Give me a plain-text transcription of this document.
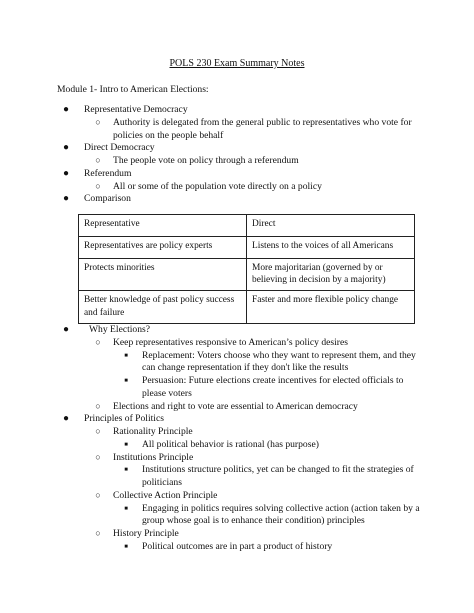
POLS 230 Exam Summary Notes
Module 1- Intro to American Elections:
● Representative Democracy
○ Authority is delegated from the general public to representatives who vote for policies on the people behalf
● Direct Democracy
○ The people vote on policy through a referendum
● Referendum
○ All or some of the population vote directly on a policy
● Comparison
Representative	Direct
Representatives are policy experts	Listens to the voices of all Americans
Protects minorities	More majoritarian (governed by or believing in decision by a majority)
Better knowledge of past policy success and failure	Faster and more flexible policy change
● Why Elections?
○ Keep representatives responsive to American’s policy desires
■	Replacement: Voters choose who they want to represent them, and they can change representation if they don't like the results
■	Persuasion: Future elections create incentives for elected officials to please voters
○ Elections and right to vote are essential to American democracy
● Principles of Politics
○ Rationality Principle
■	All political behavior is rational (has purpose)
○ Institutions Principle
■	Institutions structure politics, yet can be changed to fit the strategies of politicians
○ Collective Action Principle
■	Engaging in politics requires solving collective action (action taken by a group whose goal is to enhance their condition) principles
○ History Principle
■	Political outcomes are in part a product of history
